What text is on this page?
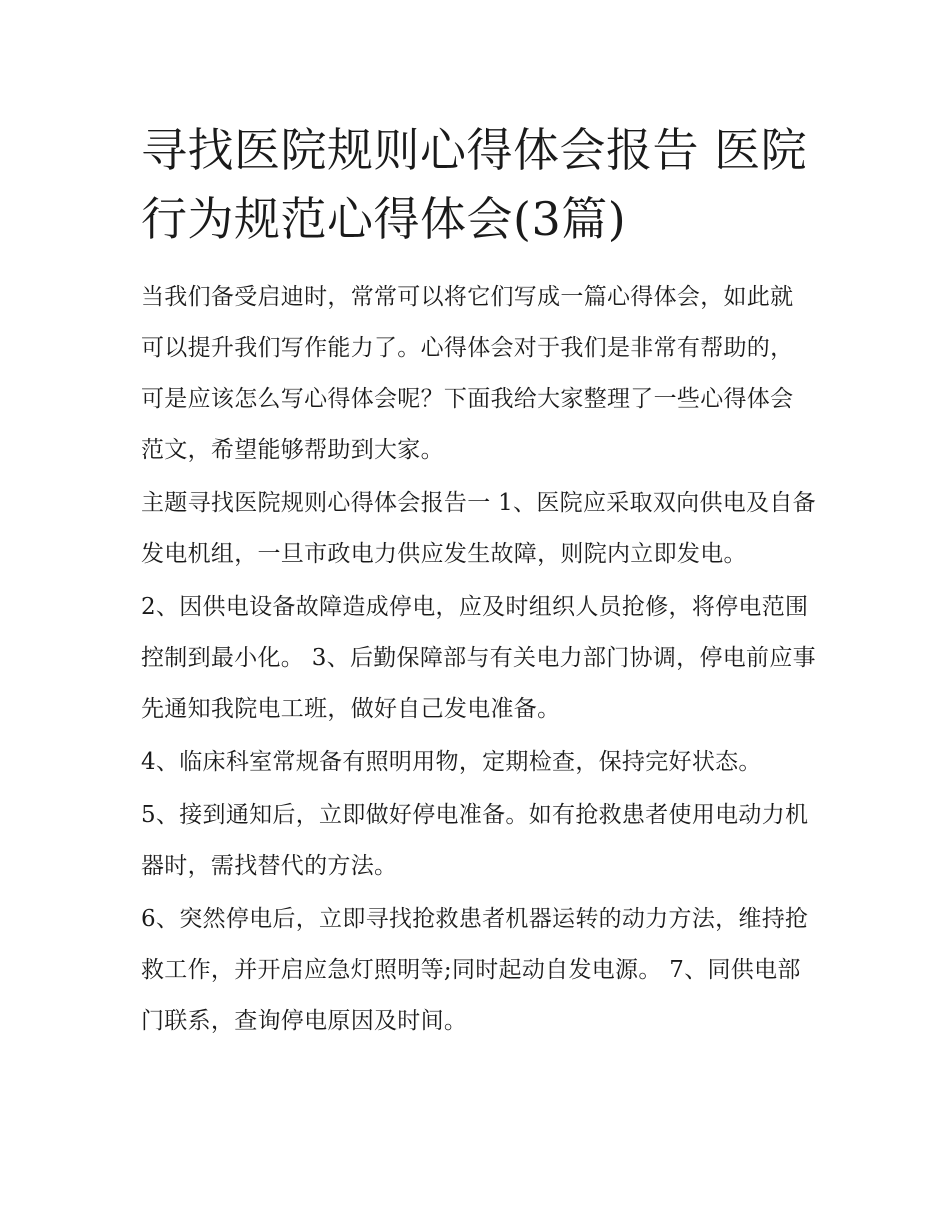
寻找医院规则心得体会报告 医院行为规范心得体会(3篇)

当我们备受启迪时，常常可以将它们写成一篇心得体会，如此就可以提升我们写作能力了。心得体会对于我们是非常有帮助的，可是应该怎么写心得体会呢？下面我给大家整理了一些心得体会范文，希望能够帮助到大家。

主题寻找医院规则心得体会报告一 1、医院应采取双向供电及自备发电机组，一旦市政电力供应发生故障，则院内立即发电。

2、因供电设备故障造成停电，应及时组织人员抢修，将停电范围控制到最小化。 3、后勤保障部与有关电力部门协调，停电前应事先通知我院电工班，做好自己发电准备。

4、临床科室常规备有照明用物，定期检查，保持完好状态。

5、接到通知后，立即做好停电准备。如有抢救患者使用电动力机器时，需找替代的方法。

6、突然停电后，立即寻找抢救患者机器运转的动力方法，维持抢救工作，并开启应急灯照明等;同时起动自发电源。 7、同供电部门联系，查询停电原因及时间。
